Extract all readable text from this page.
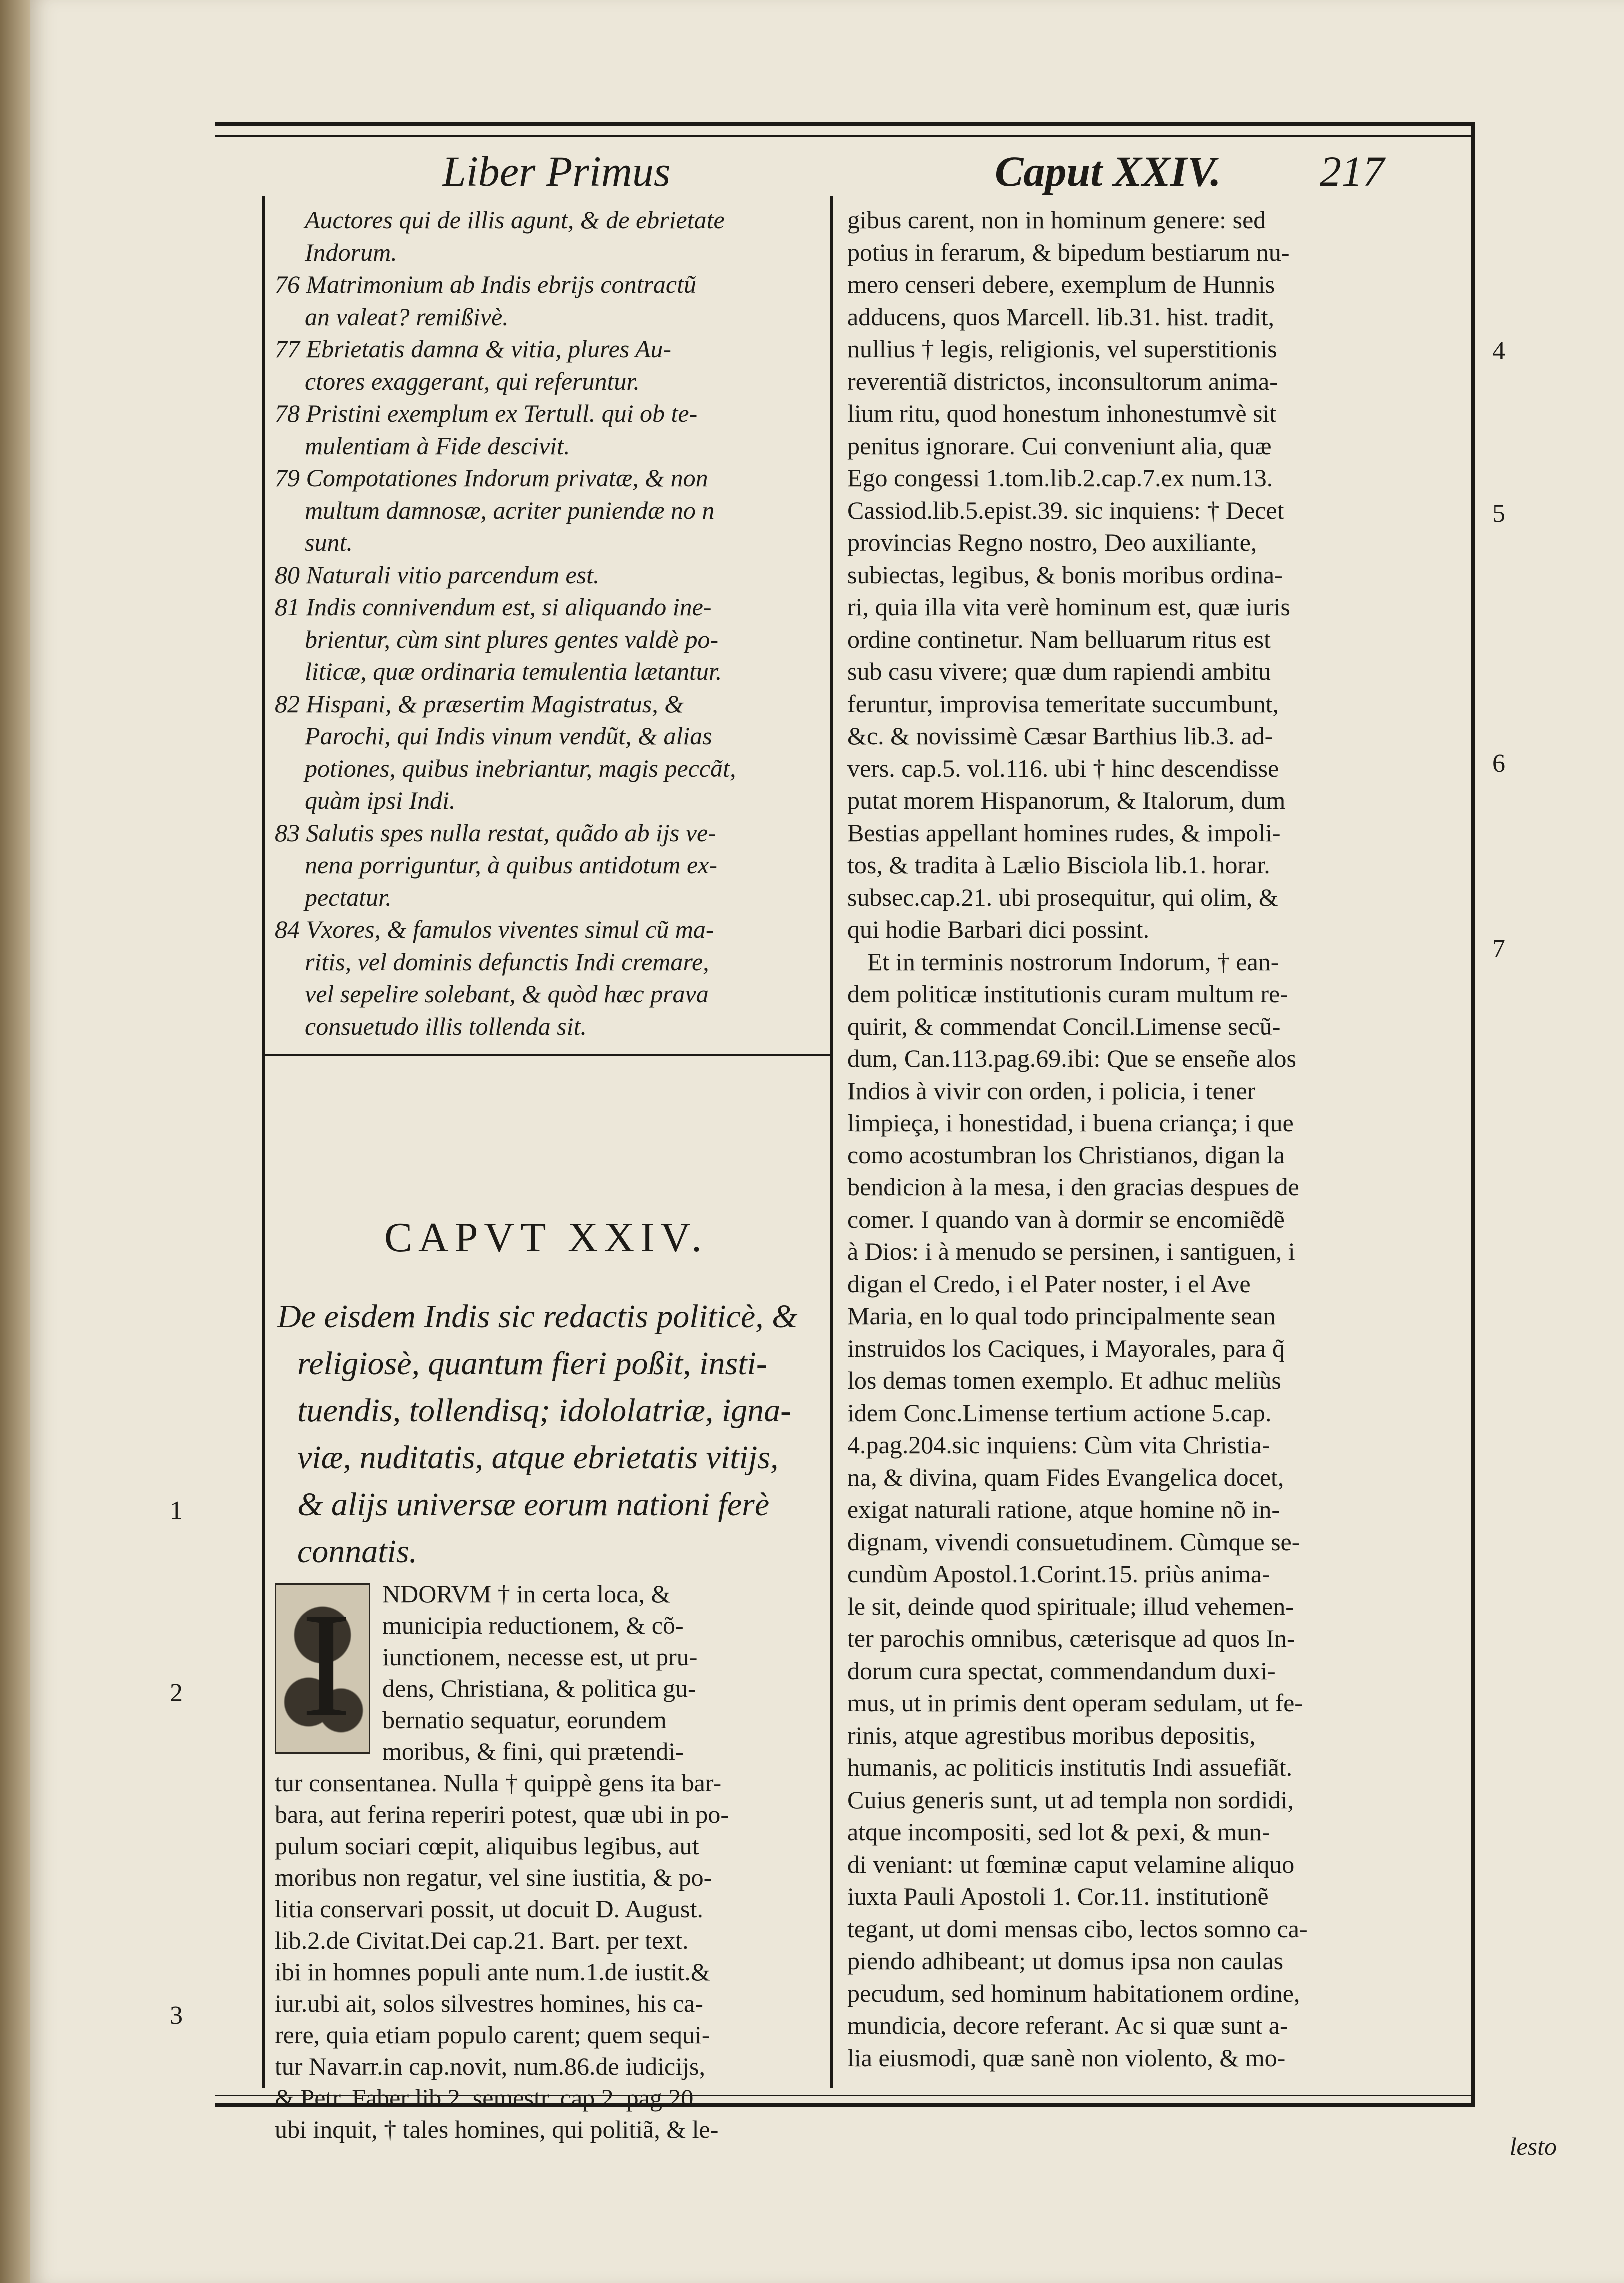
Liber Primus	Caput XXIV. 217
Auctores qui de illis agunt, & de ebrietate
Indorum.
76 Matrimonium ab Indis ebrijs contractũ
an valeat? remißivè.
77 Ebrietatis damna & vitia, plures Au-
ctores exaggerant, qui referuntur.
78 Pristini exemplum ex Tertull. qui ob te-
mulentiam à Fide descivit.
79 Compotationes Indorum privatæ, & non
multum damnosæ, acriter puniendæ no n
sunt.
80 Naturali vitio parcendum est.
81 Indis connivendum est, si aliquando ine-
brientur, cùm sint plures gentes valdè po-
liticæ, quæ ordinaria temulentia lætantur.
82 Hispani, & præsertim Magistratus, &
Parochi, qui Indis vinum vendũt, & alias
potiones, quibus inebriantur, magis peccãt,
quàm ipsi Indi.
83 Salutis spes nulla restat, quãdo ab ijs ve-
nena porriguntur, à quibus antidotum ex-
pectatur.
84 Vxores, & famulos viventes simul cũ ma-
ritis, vel dominis defunctis Indi cremare,
vel sepelire solebant, & quòd hæc prava
consuetudo illis tollenda sit.
CAPVT XXIV.
De eisdem Indis sic redactis politicè, &
religiosè, quantum fieri poßit, insti-
tuendis, tollendisq; idololatriæ, igna-
viæ, nuditatis, atque ebrietatis vitijs,
& alijs universæ eorum nationi ferè
connatis.
I	NDORVM † in certa loca, &
municipia reductionem, & cõ-
iunctionem, necesse est, ut pru-
dens, Christiana, & politica gu-
bernatio sequatur, eorundem
moribus, & fini, qui prætendi-
tur consentanea. Nulla † quippè gens ita bar-
bara, aut ferina reperiri potest, quæ ubi in po-
pulum sociari cœpit, aliquibus legibus, aut
moribus non regatur, vel sine iustitia, & po-
litia conservari possit, ut docuit D. August.
lib.2.de Civitat.Dei cap.21. Bart. per text.
ibi in homnes populi ante num.1.de iustit.&
iur.ubi ait, solos silvestres homines, his ca-
rere, quia etiam populo carent; quem sequi-
tur Navarr.in cap.novit, num.86.de iudicijs,
& Petr. Faber lib.2. semestr. cap.2. pag.20.
ubi inquit, † tales homines, qui politiã, & le-
gibus carent, non in hominum genere: sed
potius in ferarum, & bipedum bestiarum nu-
mero censeri debere, exemplum de Hunnis
adducens, quos Marcell. lib.31. hist. tradit,
nullius † legis, religionis, vel superstitionis
reverentiã districtos, inconsultorum anima-
lium ritu, quod honestum inhonestumvè sit
penitus ignorare. Cui conveniunt alia, quæ
Ego congessi 1.tom.lib.2.cap.7.ex num.13.
Cassiod.lib.5.epist.39. sic inquiens: † Decet
provincias Regno nostro, Deo auxiliante,
subiectas, legibus, & bonis moribus ordina-
ri, quia illa vita verè hominum est, quæ iuris
ordine continetur. Nam belluarum ritus est
sub casu vivere; quæ dum rapiendi ambitu
feruntur, improvisa temeritate succumbunt,
&c. & novissimè Cæsar Barthius lib.3. ad-
vers. cap.5. vol.116. ubi † hinc descendisse
putat morem Hispanorum, & Italorum, dum
Bestias appellant homines rudes, & impoli-
tos, & tradita à Lælio Bisciola lib.1. horar.
subsec.cap.21. ubi prosequitur, qui olim, &
qui hodie Barbari dici possint.
Et in terminis nostrorum Indorum, † ean-
dem politicæ institutionis curam multum re-
quirit, & commendat Concil.Limense secũ-
dum, Can.113.pag.69.ibi: Que se enseñe alos
Indios à vivir con orden, i policia, i tener
limpieça, i honestidad, i buena criança; i que
como acostumbran los Christianos, digan la
bendicion à la mesa, i den gracias despues de
comer. I quando van à dormir se encomiẽdẽ
à Dios: i à menudo se persinen, i santiguen, i
digan el Credo, i el Pater noster, i el Ave
Maria, en lo qual todo principalmente sean
instruidos los Caciques, i Mayorales, para q̃
los demas tomen exemplo. Et adhuc meliùs
idem Conc.Limense tertium actione 5.cap.
4.pag.204.sic inquiens: Cùm vita Christia-
na, & divina, quam Fides Evangelica docet,
exigat naturali ratione, atque homine nõ in-
dignam, vivendi consuetudinem. Cùmque se-
cundùm Apostol.1.Corint.15. priùs anima-
le sit, deinde quod spirituale; illud vehemen-
ter parochis omnibus, cæterisque ad quos In-
dorum cura spectat, commendandum duxi-
mus, ut in primis dent operam sedulam, ut fe-
rinis, atque agrestibus moribus depositis,
humanis, ac politicis institutis Indi assuefiãt.
Cuius generis sunt, ut ad templa non sordidi,
atque incompositi, sed lot & pexi, & mun-
di veniant: ut fœminæ caput velamine aliquo
iuxta Pauli Apostoli 1. Cor.11. institutionẽ
tegant, ut domi mensas cibo, lectos somno ca-
piendo adhibeant; ut domus ipsa non caulas
pecudum, sed hominum habitationem ordine,
mundicia, decore referant. Ac si quæ sunt a-
lia eiusmodi, quæ sanè non violento, & mo-
1
2
3
4
5
6
7
lesto
